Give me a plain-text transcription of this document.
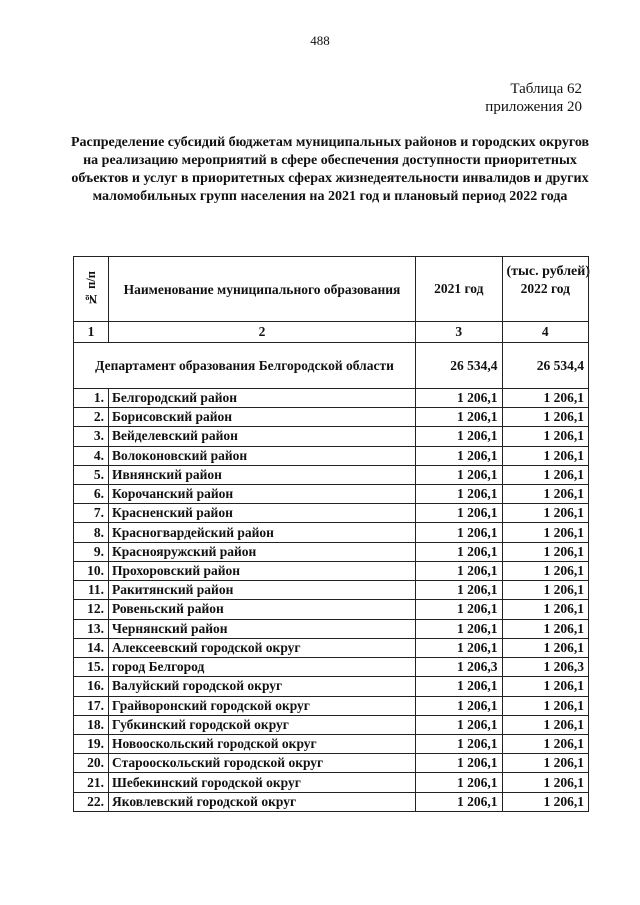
488
Таблица 62
приложения 20
Распределение субсидий бюджетам муниципальных районов и городских округов на реализацию мероприятий в сфере обеспечения доступности приоритетных объектов и услуг в приоритетных сферах жизнедеятельности инвалидов и других маломобильных групп населения на 2021 год и плановый период 2022 года
(тыс. рублей)
№ п/п	Наименование муниципального образования	2021 год	2022 год
1	2	3	4
Департамент образования Белгородской области		26 534,4	26 534,4
1.	Белгородский район	1 206,1	1 206,1
2.	Борисовский район	1 206,1	1 206,1
3.	Вейделевский район	1 206,1	1 206,1
4.	Волоконовский район	1 206,1	1 206,1
5.	Ивнянский район	1 206,1	1 206,1
6.	Корочанский район	1 206,1	1 206,1
7.	Красненский район	1 206,1	1 206,1
8.	Красногвардейский район	1 206,1	1 206,1
9.	Краснояружский район	1 206,1	1 206,1
10.	Прохоровский район	1 206,1	1 206,1
11.	Ракитянский район	1 206,1	1 206,1
12.	Ровеньский район	1 206,1	1 206,1
13.	Чернянский район	1 206,1	1 206,1
14.	Алексеевский городской округ	1 206,1	1 206,1
15.	город Белгород	1 206,3	1 206,3
16.	Валуйский городской округ	1 206,1	1 206,1
17.	Грайворонский городской округ	1 206,1	1 206,1
18.	Губкинский городской округ	1 206,1	1 206,1
19.	Новооскольский городской округ	1 206,1	1 206,1
20.	Старооскольский городской округ	1 206,1	1 206,1
21.	Шебекинский городской округ	1 206,1	1 206,1
22.	Яковлевский городской округ	1 206,1	1 206,1
